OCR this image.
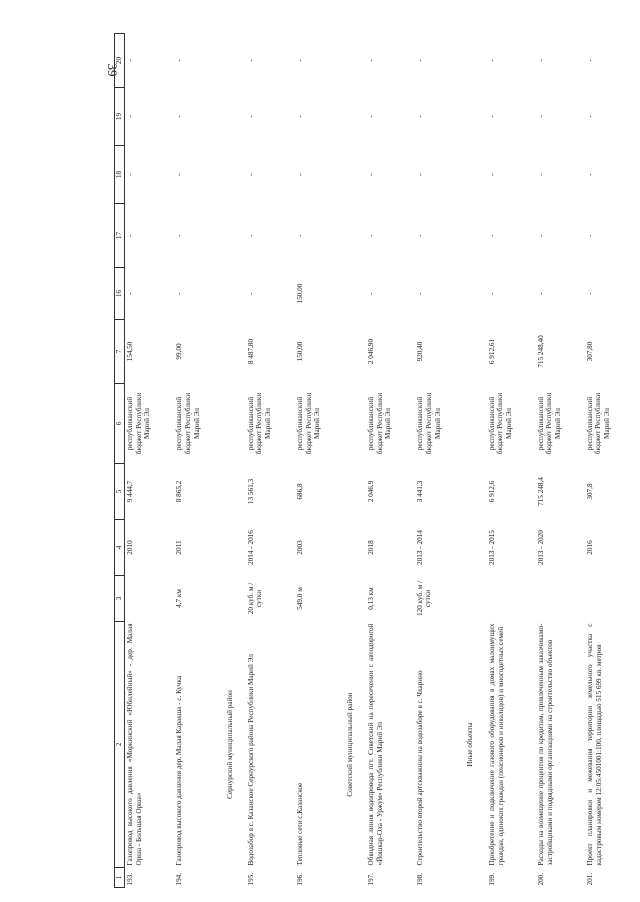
39
1	2	3	4	5	6	7	16	17	18	19	20
193.	Газопровод высокого давления «Моркинский «Юбилейный» - дер. Малая Орша - Большая Орша»		2010	9 444,7	республиканский бюджет Республики Марий Эл	154,50	-	-	-	-	-
194.	Газопровод высокого давления дер. Малая Каракша - с. Кучка	4,7 км	2011	8 865,2	республиканский бюджет Республики Марий Эл	99,00	-	-	-	-	-
	Сернурский муниципальный район										
195.	Водозабор в с. Казанское Сернурского района Республики Марий Эл	20 куб. м / сутки	2014 - 2016	13 561,3	республиканский бюджет Республики Марий Эл	8 487,80	-	-	-	-	-
196.	Тепловые сети с.Казанское	549,0 м	2003	686,8	республиканский бюджет Республики Марий Эл	150,00	150,00	-	-	-	-
	Советский муниципальный район										
197.	Обводная линия водопровода пгт. Советский на пересечении с автодорогой «Йошкар-Ола - Уржум» Республики Марий Эл	0,13 км	2018	2 046,9	республиканский бюджет Республики Марий Эл	2 046,90	-	-	-	-	-
198.	Строительство второй артскважины на водозаборе в с. Чкарино	120 куб. м / сутки	2013 - 2014	3 441,3	республиканский бюджет Республики Марий Эл	920,40	-	-	-	-	-
	Иные объекты										
199.	Приобретение и подключение газового оборудования в домах малоимущих граждан, одиноких граждан (пенсионеров и инвалидов) и многодетных семей		2013 - 2015	6 912,6	республиканский бюджет Республики Марий Эл	6 912,61	-	-	-	-	-
200.	Расходы на возмещение процентов по кредитам, привлеченным заказчиками-застройщиками и подрядными организациями на строительство объектов		2013 - 2020	715 248,4	республиканский бюджет Республики Марий Эл	715 248,40	-	-	-	-	-
201.	Проект планировки и межевания территории земельного участка с кадастровым номером 12:05:4501001:100, площадью 515 699 кв. метров		2016	307,8	республиканский бюджет Республики Марий Эл	307,80	-	-	-	-	-
